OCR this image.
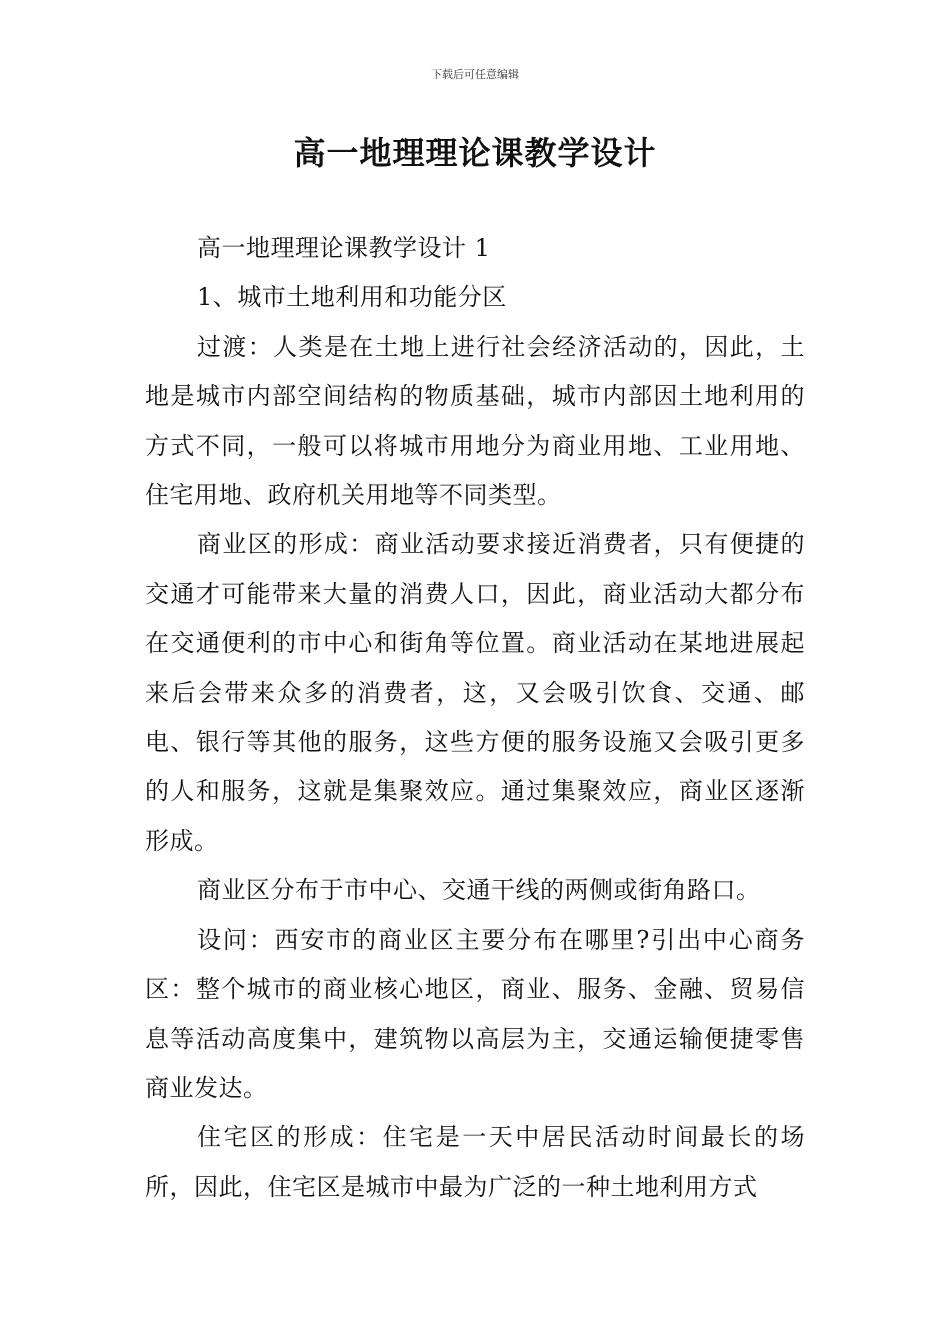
下载后可任意编辑
高一地理理论课教学设计

高一地理理论课教学设计 1

1、城市土地利用和功能分区

过渡：人类是在土地上进行社会经济活动的，因此，土地是城市内部空间结构的物质基础，城市内部因土地利用的方式不同，一般可以将城市用地分为商业用地、工业用地、住宅用地、政府机关用地等不同类型。

商业区的形成：商业活动要求接近消费者，只有便捷的交通才可能带来大量的消费人口，因此，商业活动大都分布在交通便利的市中心和街角等位置。商业活动在某地进展起来后会带来众多的消费者，这，又会吸引饮食、交通、邮电、银行等其他的服务，这些方便的服务设施又会吸引更多的人和服务，这就是集聚效应。通过集聚效应，商业区逐渐形成。

商业区分布于市中心、交通干线的两侧或街角路口。

设问：西安市的商业区主要分布在哪里?引出中心商务区：整个城市的商业核心地区，商业、服务、金融、贸易信息等活动高度集中，建筑物以高层为主，交通运输便捷零售商业发达。

住宅区的形成：住宅是一天中居民活动时间最长的场所，因此，住宅区是城市中最为广泛的一种土地利用方式
